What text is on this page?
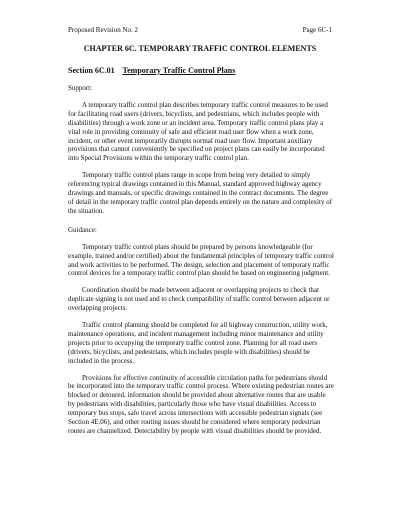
Proposed Revision No. 2	Page 6C-1
CHAPTER 6C. TEMPORARY TRAFFIC CONTROL ELEMENTS
Section 6C.01 Temporary Traffic Control Plans
Support:

A temporary traffic control plan describes temporary traffic control measures to be used for facilitating road users (drivers, bicyclists, and pedestrians, which includes people with disabilities) through a work zone or an incident area. Temporary traffic control plans play a vital role in providing continuity of safe and efficient road user flow when a work zone, incident, or other event temporarily disrupts normal road user flow. Important auxiliary provisions that cannot conveniently be specified on project plans can easily be incorporated into Special Provisions within the temporary traffic control plan.

Temporary traffic control plans range in scope from being very detailed to simply referencing typical drawings contained in this Manual, standard approved highway agency drawings and manuals, or specific drawings contained in the contract documents. The degree of detail in the temporary traffic control plan depends entirely on the nature and complexity of the situation.

Guidance:

Temporary traffic control plans should be prepared by persons knowledgeable (for example, trained and/or certified) about the fundamental principles of temporary traffic control and work activities to be performed. The design, selection and placement of temporary traffic control devices for a temporary traffic control plan should be based on engineering judgment.

Coordination should be made between adjacent or overlapping projects to check that duplicate signing is not used and to check compatibility of traffic control between adjacent or overlapping projects.

Traffic control planning should be completed for all highway construction, utility work, maintenance operations, and incident management including minor maintenance and utility projects prior to occupying the temporary traffic control zone. Planning for all road users (drivers, bicyclists, and pedestrians, which includes people with disabilities) should be included in the process.

Provisions for effective continuity of accessible circulation paths for pedestrians should be incorporated into the temporary traffic control process. Where existing pedestrian routes are blocked or detoured, information should be provided about alternative routes that are usable by pedestrians with disabilities, particularly those who have visual disabilities. Access to temporary bus stops, safe travel across intersections with accessible pedestrian signals (see Section 4E.06), and other routing issues should be considered where temporary pedestrian routes are channelized. Detectability by people with visual disabilities should be provided.
